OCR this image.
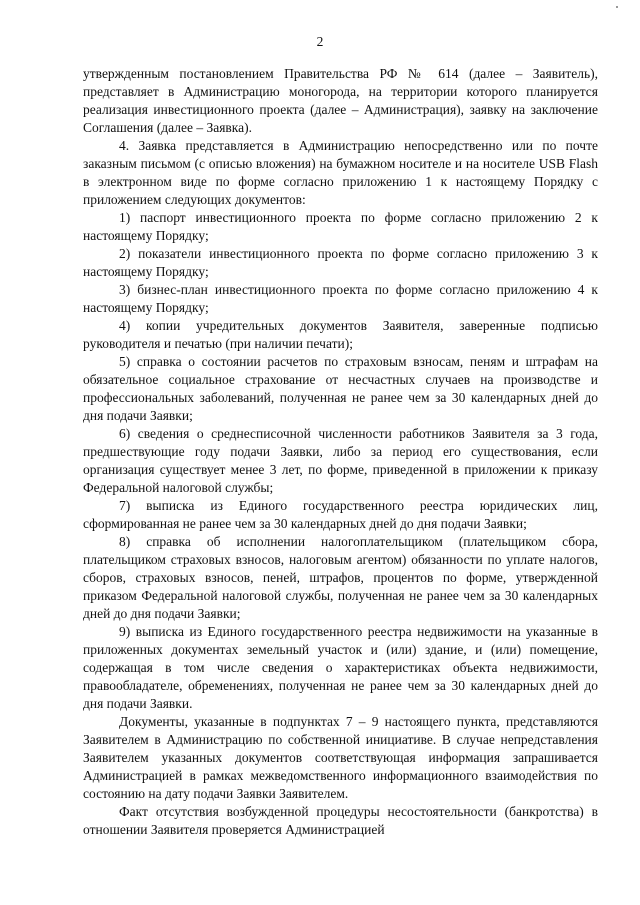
2

утвержденным постановлением Правительства РФ № 614 (далее – Заявитель), представляет в Администрацию моногорода, на территории которого планируется реализация инвестиционного проекта (далее – Администрация), заявку на заключение Соглашения (далее – Заявка).

4. Заявка представляется в Администрацию непосредственно или по почте заказным письмом (с описью вложения) на бумажном носителе и на носителе USB Flash в электронном виде по форме согласно приложению 1 к настоящему Порядку с приложением следующих документов:

1) паспорт инвестиционного проекта по форме согласно приложению 2 к настоящему Порядку;

2) показатели инвестиционного проекта по форме согласно приложению 3 к настоящему Порядку;

3) бизнес-план инвестиционного проекта по форме согласно приложению 4 к настоящему Порядку;

4) копии учредительных документов Заявителя, заверенные подписью руководителя и печатью (при наличии печати);

5) справка о состоянии расчетов по страховым взносам, пеням и штрафам на обязательное социальное страхование от несчастных случаев на производстве и профессиональных заболеваний, полученная не ранее чем за 30 календарных дней до дня подачи Заявки;

6) сведения о среднесписочной численности работников Заявителя за 3 года, предшествующие году подачи Заявки, либо за период его существования, если организация существует менее 3 лет, по форме, приведенной в приложении к приказу Федеральной налоговой службы;

7) выписка из Единого государственного реестра юридических лиц, сформированная не ранее чем за 30 календарных дней до дня подачи Заявки;

8) справка об исполнении налогоплательщиком (плательщиком сбора, плательщиком страховых взносов, налоговым агентом) обязанности по уплате налогов, сборов, страховых взносов, пеней, штрафов, процентов по форме, утвержденной приказом Федеральной налоговой службы, полученная не ранее чем за 30 календарных дней до дня подачи Заявки;

9) выписка из Единого государственного реестра недвижимости на указанные в приложенных документах земельный участок и (или) здание, и (или) помещение, содержащая в том числе сведения о характеристиках объекта недвижимости, правообладателе, обременениях, полученная не ранее чем за 30 календарных дней до дня подачи Заявки.

Документы, указанные в подпунктах 7 – 9 настоящего пункта, представляются Заявителем в Администрацию по собственной инициативе. В случае непредставления Заявителем указанных документов соответствующая информация запрашивается Администрацией в рамках межведомственного информационного взаимодействия по состоянию на дату подачи Заявки Заявителем.

Факт отсутствия возбужденной процедуры несостоятельности (банкротства) в отношении Заявителя проверяется Администрацией
